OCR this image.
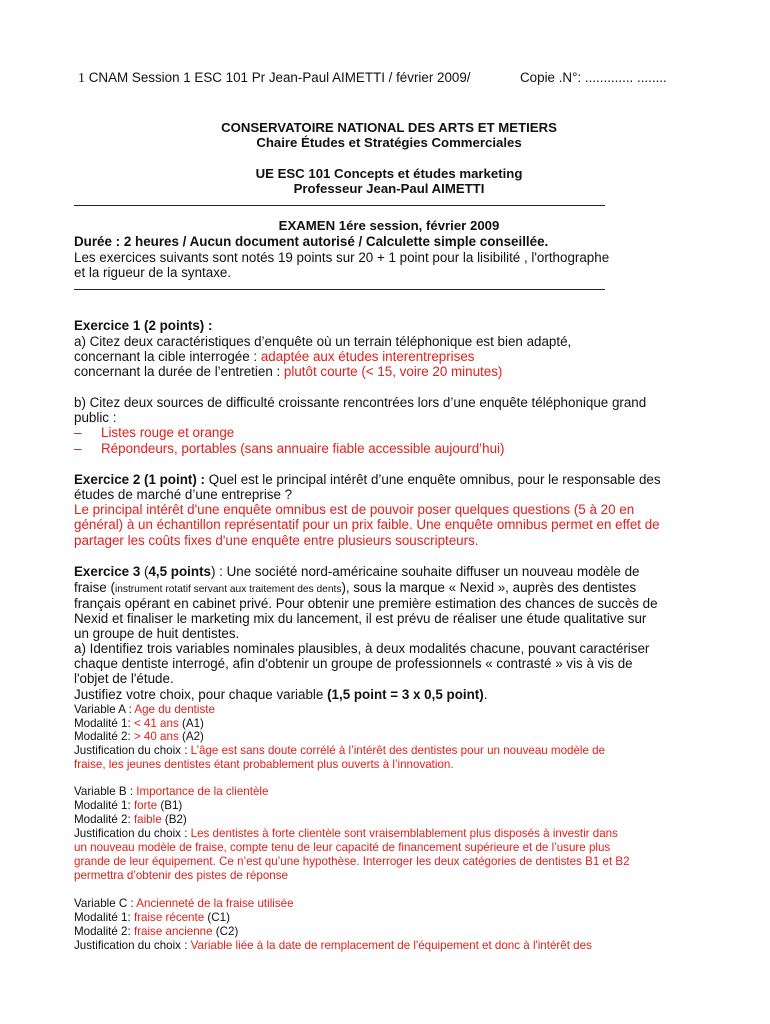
1 CNAM Session 1 ESC 101 Pr Jean-Paul AIMETTI / février 2009/	Copie .N°: ............. ........
CONSERVATOIRE NATIONAL DES ARTS ET METIERS
Chaire Études et Stratégies Commerciales
UE ESC 101 Concepts et études marketing
Professeur Jean-Paul AIMETTI
EXAMEN 1ére session, février 2009
Durée : 2 heures / Aucun document autorisé / Calculette simple conseillée.
Les exercices suivants sont notés 19 points sur 20 + 1 point pour la lisibilité , l'orthographe
et la rigueur de la syntaxe.
Exercice 1 (2 points) :
a) Citez deux caractéristiques d’enquête où un terrain téléphonique est bien adapté,
concernant la cible interrogée : adaptée aux études interentreprises
concernant la durée de l’entretien : plutôt courte (< 15, voire 20 minutes)
b) Citez deux sources de difficulté croissante rencontrées lors d’une enquête téléphonique grand
public :
– Listes rouge et orange
– Répondeurs, portables (sans annuaire fiable accessible aujourd’hui)
Exercice 2 (1 point) : Quel est le principal intérêt d’une enquête omnibus, pour le responsable des
études de marché d’une entreprise ?
Le principal intérêt d'une enquête omnibus est de pouvoir poser quelques questions (5 à 20 en
général) à un échantillon représentatif pour un prix faible. Une enquête omnibus permet en effet de
partager les coûts fixes d'une enquête entre plusieurs souscripteurs.
Exercice 3 (4,5 points) : Une société nord-américaine souhaite diffuser un nouveau modèle de
fraise (instrument rotatif servant aux traitement des dents), sous la marque « Nexid », auprès des dentistes
français opérant en cabinet privé. Pour obtenir une première estimation des chances de succès de
Nexid et finaliser le marketing mix du lancement, il est prévu de réaliser une étude qualitative sur
un groupe de huit dentistes.
a) Identifiez trois variables nominales plausibles, à deux modalités chacune, pouvant caractériser
chaque dentiste interrogé, afin d'obtenir un groupe de professionnels « contrasté » vis à vis de
l'objet de l'étude.
Justifiez votre choix, pour chaque variable (1,5 point = 3 x 0,5 point).
Variable A : Age du dentiste
Modalité 1: < 41 ans (A1)
Modalité 2: > 40 ans (A2)
Justification du choix : L’âge est sans doute corrélé à l’intérêt des dentistes pour un nouveau modèle de
fraise, les jeunes dentistes étant probablement plus ouverts à l’innovation.
Variable B : Importance de la clientèle
Modalité 1: forte (B1)
Modalité 2: faible (B2)
Justification du choix : Les dentistes à forte clientèle sont vraisemblablement plus disposés à investir dans
un nouveau modèle de fraise, compte tenu de leur capacité de financement supérieure et de l’usure plus
grande de leur équipement. Ce n’est qu’une hypothèse. Interroger les deux catégories de dentistes B1 et B2
permettra d’obtenir des pistes de réponse
Variable C : Ancienneté de la fraise utilisée
Modalité 1: fraise récente (C1)
Modalité 2: fraise ancienne (C2)
Justification du choix : Variable liée à la date de remplacement de l'équipement et donc à l'intérêt des
